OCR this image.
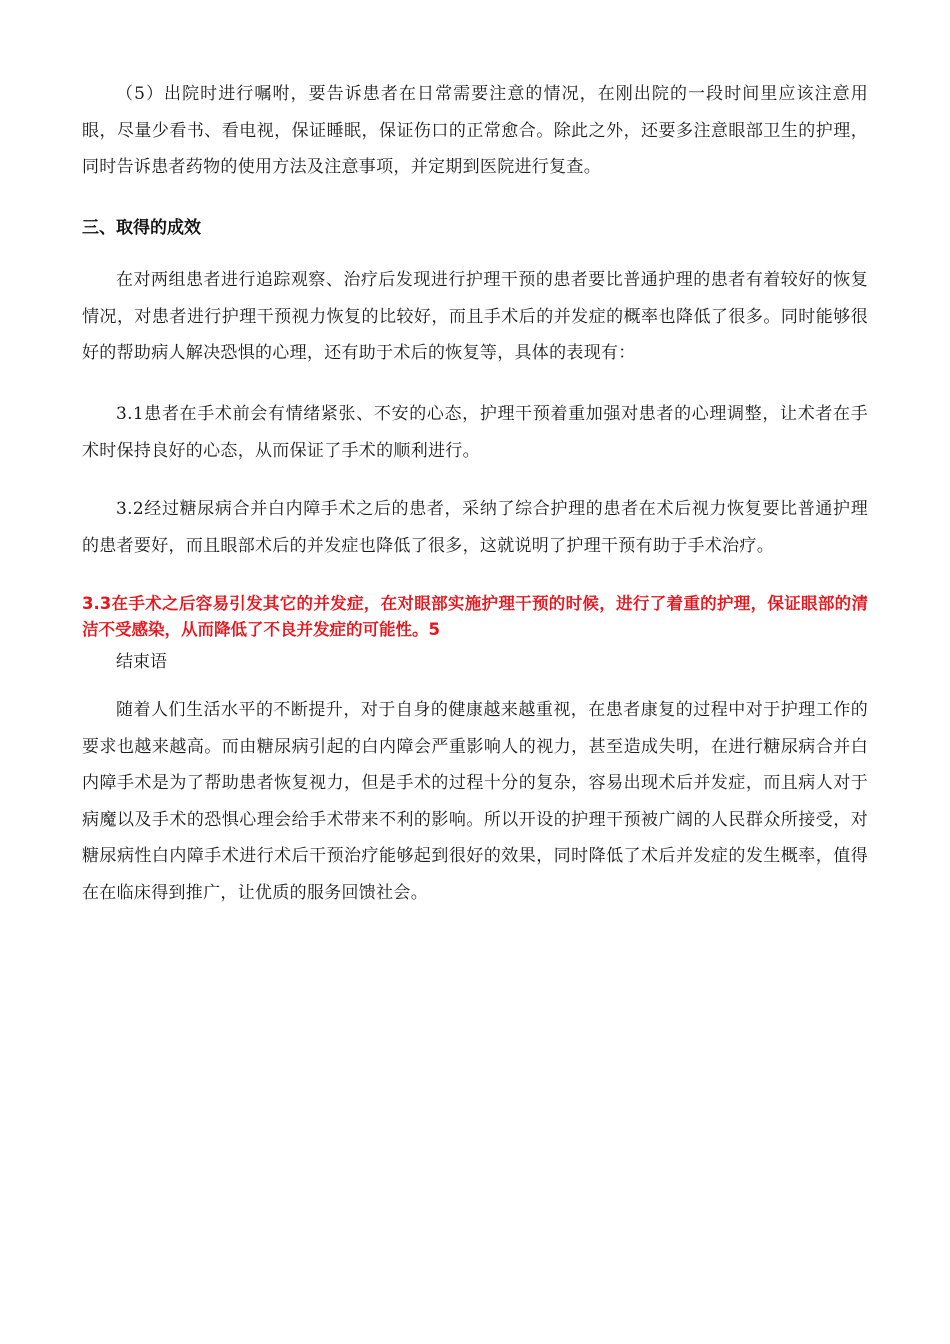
（5）出院时进行嘱咐，要告诉患者在日常需要注意的情况，在刚出院的一段时间里应该注意用眼，尽量少看书、看电视，保证睡眠，保证伤口的正常愈合。除此之外，还要多注意眼部卫生的护理，同时告诉患者药物的使用方法及注意事项，并定期到医院进行复查。

三、取得的成效

在对两组患者进行追踪观察、治疗后发现进行护理干预的患者要比普通护理的患者有着较好的恢复情况，对患者进行护理干预视力恢复的比较好，而且手术后的并发症的概率也降低了很多。同时能够很好的帮助病人解决恐惧的心理，还有助于术后的恢复等，具体的表现有：

3.1患者在手术前会有情绪紧张、不安的心态，护理干预着重加强对患者的心理调整，让术者在手术时保持良好的心态，从而保证了手术的顺利进行。

3.2经过糖尿病合并白内障手术之后的患者，采纳了综合护理的患者在术后视力恢复要比普通护理的患者要好，而且眼部术后的并发症也降低了很多，这就说明了护理干预有助于手术治疗。

3.3在手术之后容易引发其它的并发症，在对眼部实施护理干预的时候，进行了着重的护理，保证眼部的清洁不受感染，从而降低了不良并发症的可能性。5

结束语

随着人们生活水平的不断提升，对于自身的健康越来越重视，在患者康复的过程中对于护理工作的要求也越来越高。而由糖尿病引起的白内障会严重影响人的视力，甚至造成失明，在进行糖尿病合并白内障手术是为了帮助患者恢复视力，但是手术的过程十分的复杂，容易出现术后并发症，而且病人对于病魔以及手术的恐惧心理会给手术带来不利的影响。所以开设的护理干预被广阔的人民群众所接受，对糖尿病性白内障手术进行术后干预治疗能够起到很好的效果，同时降低了术后并发症的发生概率，值得在在临床得到推广，让优质的服务回馈社会。
